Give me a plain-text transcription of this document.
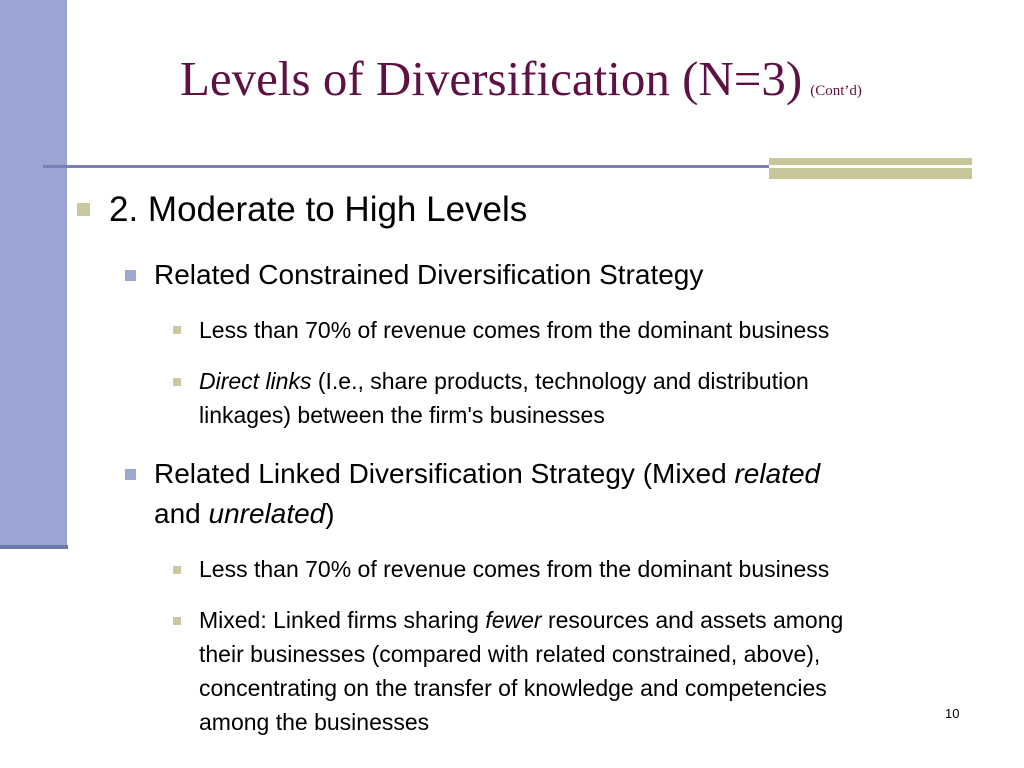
Levels of Diversification (N=3) (Cont’d)
2. Moderate to High Levels
Related Constrained Diversification Strategy
Less than 70% of revenue comes from the dominant business
Direct links (I.e., share products, technology and distribution
linkages) between the firm's businesses
Related Linked Diversification Strategy (Mixed related
and unrelated)
Less than 70% of revenue comes from the dominant business
Mixed: Linked firms sharing fewer resources and assets among
their businesses (compared with related constrained, above),
concentrating on the transfer of knowledge and competencies
among the businesses	10
